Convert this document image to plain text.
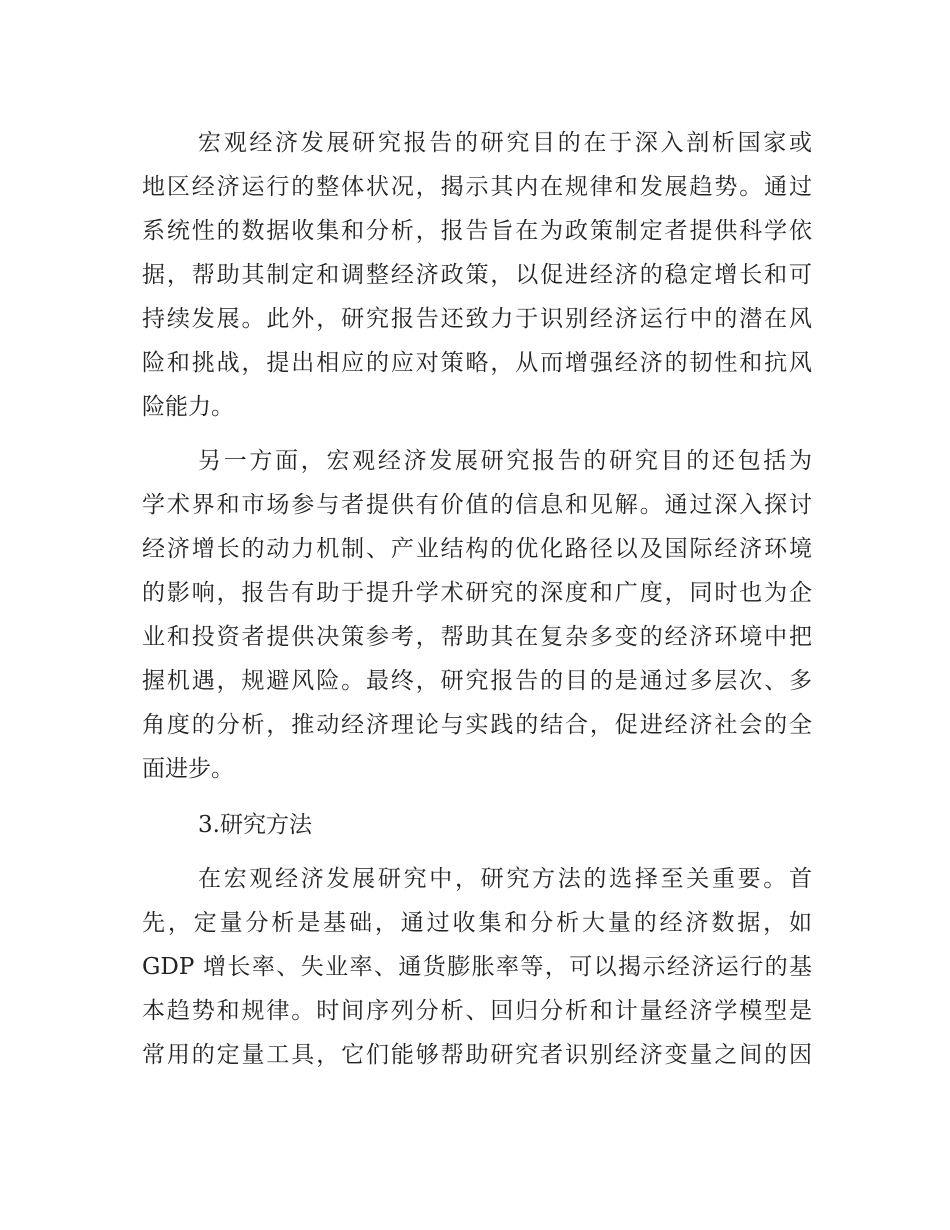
宏观经济发展研究报告的研究目的在于深入剖析国家或
地区经济运行的整体状况，揭示其内在规律和发展趋势。通过
系统性的数据收集和分析，报告旨在为政策制定者提供科学依
据，帮助其制定和调整经济政策，以促进经济的稳定增长和可
持续发展。此外，研究报告还致力于识别经济运行中的潜在风
险和挑战，提出相应的应对策略，从而增强经济的韧性和抗风
险能力。
另一方面，宏观经济发展研究报告的研究目的还包括为
学术界和市场参与者提供有价值的信息和见解。通过深入探讨
经济增长的动力机制、产业结构的优化路径以及国际经济环境
的影响，报告有助于提升学术研究的深度和广度，同时也为企
业和投资者提供决策参考，帮助其在复杂多变的经济环境中把
握机遇，规避风险。最终，研究报告的目的是通过多层次、多
角度的分析，推动经济理论与实践的结合，促进经济社会的全
面进步。
3.研究方法
在宏观经济发展研究中，研究方法的选择至关重要。首
先，定量分析是基础，通过收集和分析大量的经济数据，如
GDP 增长率、失业率、通货膨胀率等，可以揭示经济运行的基
本趋势和规律。时间序列分析、回归分析和计量经济学模型是
常用的定量工具，它们能够帮助研究者识别经济变量之间的因
